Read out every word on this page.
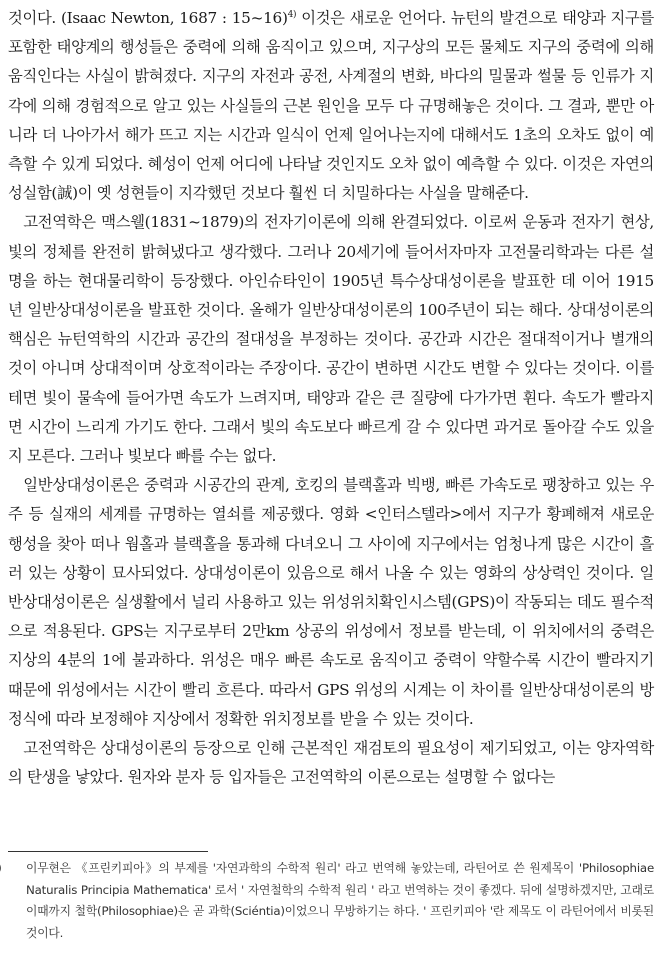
것이다. (Isaac Newton, 1687 : 15~16)$^{4)}$ 이것은 새로운 언어다. 뉴턴의 발견으로 태양과 지구를 포함한 태양계의 행성들은 중력에 의해 움직이고 있으며, 지구상의 모든 물체도 지구의 중력에 의해 움직인다는 사실이 밝혀졌다. 지구의 자전과 공전, 사계절의 변화, 바다의 밀물과 썰물 등 인류가 지각에 의해 경험적으로 알고 있는 사실들의 근본 원인을 모두 다 규명해놓은 것이다. 그 결과, 뿐만 아니라 더 나아가서 해가 뜨고 지는 시간과 일식이 언제 일어나는지에 대해서도 1초의 오차도 없이 예측할 수 있게 되었다. 혜성이 언제 어디에 나타날 것인지도 오차 없이 예측할 수 있다. 이것은 자연의 성실함(誠)이 옛 성현들이 지각했던 것보다 훨씬 더 치밀하다는 사실을 말해준다.

고전역학은 맥스웰(1831~1879)의 전자기이론에 의해 완결되었다. 이로써 운동과 전자기 현상, 빛의 정체를 완전히 밝혀냈다고 생각했다. 그러나 20세기에 들어서자마자 고전물리학과는 다른 설명을 하는 현대물리학이 등장했다. 아인슈타인이 1905년 특수상대성이론을 발표한 데 이어 1915년 일반상대성이론을 발표한 것이다. 올해가 일반상대성이론의 100주년이 되는 해다. 상대성이론의 핵심은 뉴턴역학의 시간과 공간의 절대성을 부정하는 것이다. 공간과 시간은 절대적이거나 별개의 것이 아니며 상대적이며 상호적이라는 주장이다. 공간이 변하면 시간도 변할 수 있다는 것이다. 이를테면 빛이 물속에 들어가면 속도가 느려지며, 태양과 같은 큰 질량에 다가가면 휜다. 속도가 빨라지면 시간이 느리게 가기도 한다. 그래서 빛의 속도보다 빠르게 갈 수 있다면 과거로 돌아갈 수도 있을지 모른다. 그러나 빛보다 빠를 수는 없다.

일반상대성이론은 중력과 시공간의 관계, 호킹의 블랙홀과 빅뱅, 빠른 가속도로 팽창하고 있는 우주 등 실재의 세계를 규명하는 열쇠를 제공했다. 영화 <인터스텔라>에서 지구가 황폐해져 새로운 행성을 찾아 떠나 웜홀과 블랙홀을 통과해 다녀오니 그 사이에 지구에서는 엄청나게 많은 시간이 흘러 있는 상황이 묘사되었다. 상대성이론이 있음으로 해서 나올 수 있는 영화의 상상력인 것이다. 일반상대성이론은 실생활에서 널리 사용하고 있는 위성위치확인시스템(GPS)이 작동되는 데도 필수적으로 적용된다. GPS는 지구로부터 2만km 상공의 위성에서 정보를 받는데, 이 위치에서의 중력은 지상의 4분의 1에 불과하다. 위성은 매우 빠른 속도로 움직이고 중력이 약할수록 시간이 빨라지기 때문에 위성에서는 시간이 빨리 흐른다. 따라서 GPS 위성의 시계는 이 차이를 일반상대성이론의 방정식에 따라 보정해야 지상에서 정확한 위치정보를 받을 수 있는 것이다.

고전역학은 상대성이론의 등장으로 인해 근본적인 재검토의 필요성이 제기되었고, 이는 양자역학의 탄생을 낳았다. 원자와 분자 등 입자들은 고전역학의 이론으로는 설명할 수 없다는

이무현은 《프린키피아》의 부제를 '자연과학의 수학적 원리' 라고 번역해 놓았는데, 라틴어로 쓴 원제목이 'Philosophiae Naturalis Principia Mathematica' 로서 ' 자연철학의 수학적 원리 ' 라고 번역하는 것이 좋겠다. 뒤에 설명하겠지만, 고래로 이때까지 철학(Philosophiae)은 곧 과학(Sciéntia)이었으니 무방하기는 하다. ' 프린키피아 '란 제목도 이 라틴어에서 비롯된 것이다.
